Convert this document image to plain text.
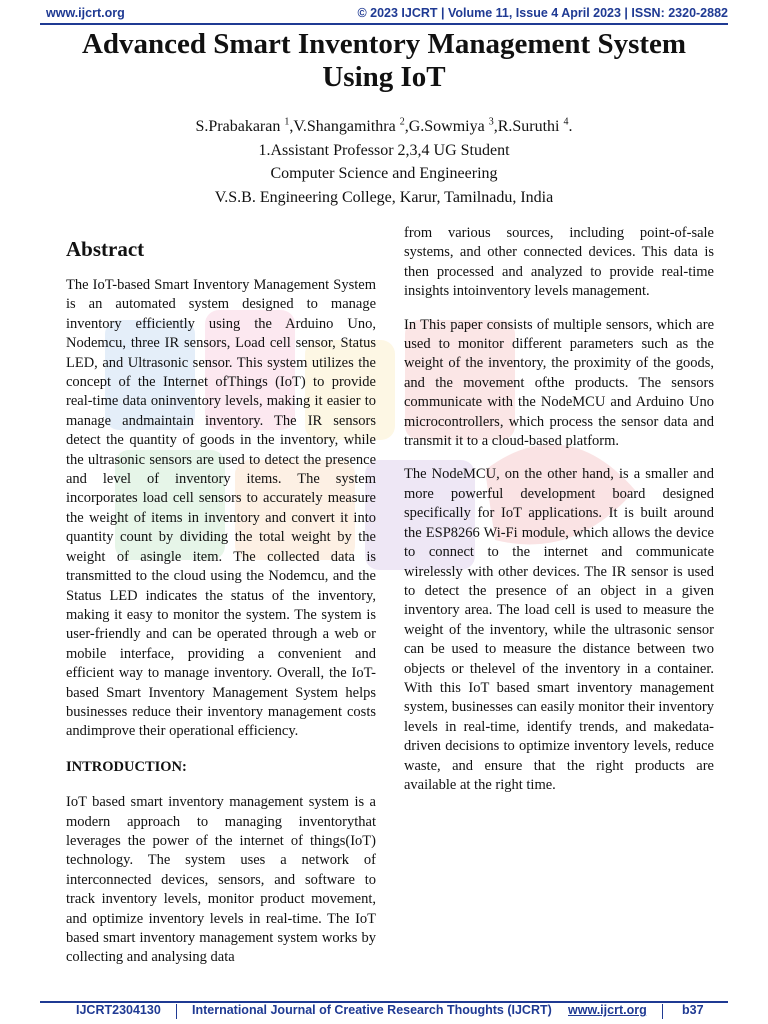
www.ijcrt.org	© 2023 IJCRT | Volume 11, Issue 4 April 2023 | ISSN: 2320-2882
Advanced Smart Inventory Management System
Using IoT
S.Prabakaran $^1$,V.Shangamithra $^2$,G.Sowmiya $^3$,R.Suruthi $^4$.
1.Assistant Professor 2,3,4 UG Student
Computer Science and Engineering
V.S.B. Engineering College, Karur, Tamilnadu, India
Abstract

The IoT-based Smart Inventory Management System is an automated system designed to manage inventory efficiently using the Arduino Uno, Nodemcu, three IR sensors, Load cell sensor, Status LED, and Ultrasonic sensor. This system utilizes the concept of the Internet ofThings (IoT) to provide real-time data oninventory levels, making it easier to manage andmaintain inventory. The IR sensors detect the quantity of goods in the inventory, while the ultrasonic sensors are used to detect the presence and level of inventory items. The system incorporates load cell sensors to accurately measure the weight of items in inventory and convert it into quantity count by dividing the total weight by the weight of asingle item. The collected data is transmitted to the cloud using the Nodemcu, and the Status LED indicates the status of the inventory, making it easy to monitor the system. The system is user-friendly and can be operated through a web or mobile interface, providing a convenient and efficient way to manage inventory. Overall, the IoT-based Smart Inventory Management System helps businesses reduce their inventory management costs andimprove their operational efficiency.

INTRODUCTION:

IoT based smart inventory management system is a modern approach to managing inventorythat leverages the power of the internet of things(IoT) technology. The system uses a network of interconnected devices, sensors, and software to track inventory levels, monitor product movement, and optimize inventory levels in real-time. The IoT based smart inventory management system works by collecting and analysing data

from various sources, including point-of-sale systems, and other connected devices. This data is then processed and analyzed to provide real-time insights intoinventory levels management.

In This paper consists of multiple sensors, which are used to monitor different parameters such as the weight of the inventory, the proximity of the goods, and the movement ofthe products. The sensors communicate with the NodeMCU and Arduino Uno microcontrollers, which process the sensor data and transmit it to a cloud-based platform.

The NodeMCU, on the other hand, is a smaller and more powerful development board designed specifically for IoT applications. It is built around the ESP8266 Wi-Fi module, which allows the device to connect to the internet and communicate wirelessly with other devices. The IR sensor is used to detect the presence of an object in a given inventory area. The load cell is used to measure the weight of the inventory, while the ultrasonic sensor can be used to measure the distance between two objects or thelevel of the inventory in a container. With this IoT based smart inventory management system, businesses can easily monitor their inventory levels in real-time, identify trends, and makedata-driven decisions to optimize inventory levels, reduce waste, and ensure that the right products are available at the right time.

IJCRT2304130 International Journal of Creative Research Thoughts (IJCRT) www.ijcrt.org	b37
